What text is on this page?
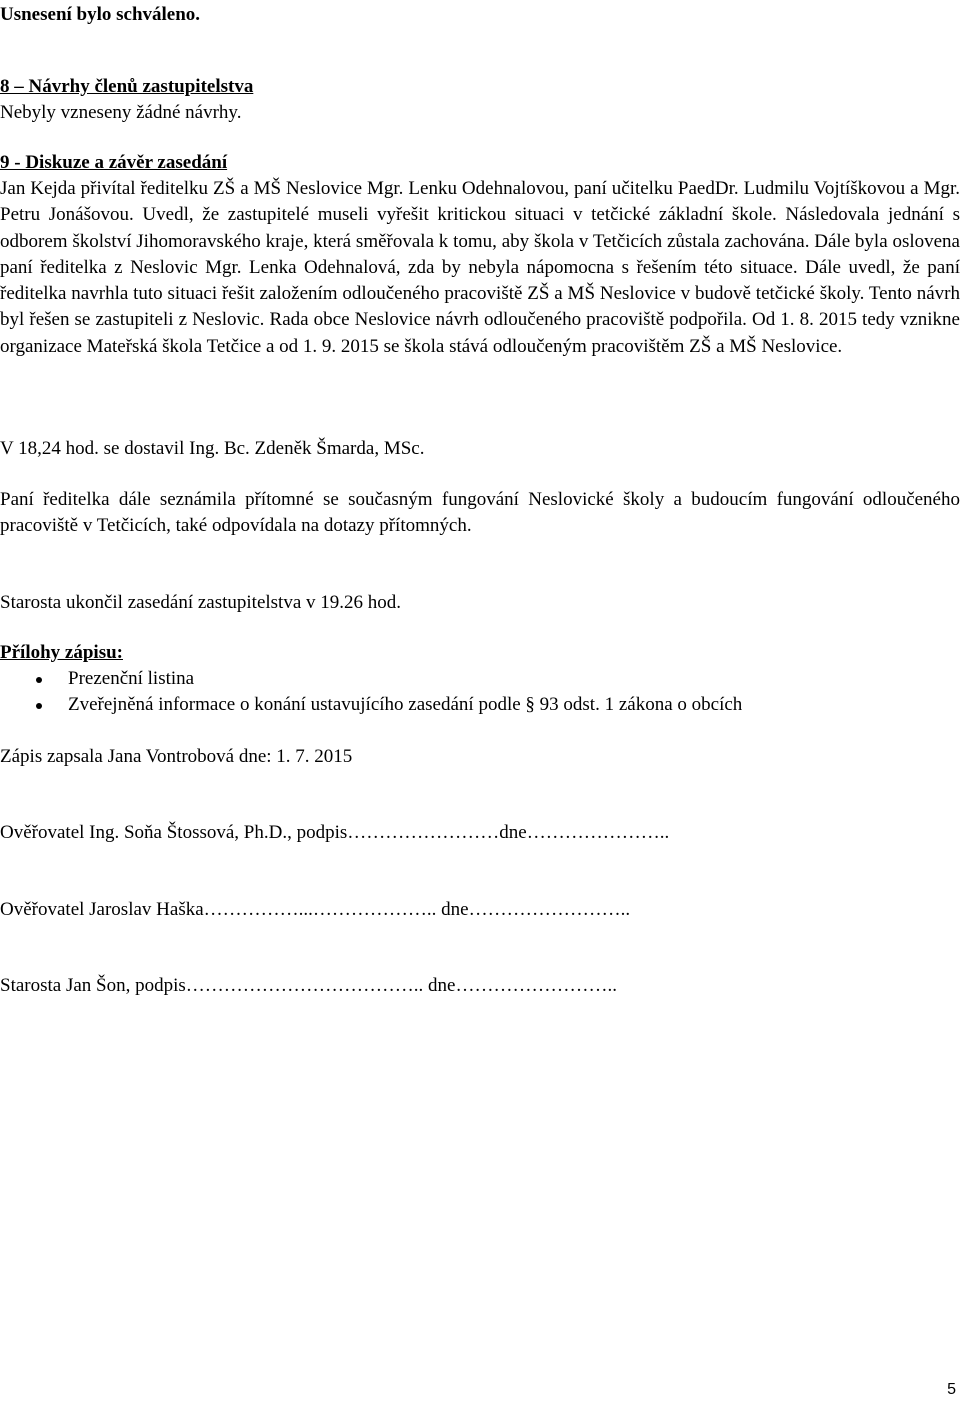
Usnesení bylo schváleno.
8 – Návrhy členů zastupitelstva
Nebyly vzneseny žádné návrhy.
9 - Diskuze a závěr zasedání
Jan Kejda přivítal ředitelku ZŠ a MŠ Neslovice Mgr. Lenku Odehnalovou, paní učitelku PaedDr. Ludmilu Vojtíškovou a Mgr. Petru Jonášovou. Uvedl, že zastupitelé museli vyřešit kritickou situaci v tetčické základní škole. Následovala jednání s odborem školství Jihomoravského kraje, která směřovala k tomu, aby škola v Tetčicích zůstala zachována. Dále byla oslovena paní ředitelka z Neslovic Mgr. Lenka Odehnalová, zda by nebyla nápomocna s řešením této situace. Dále uvedl, že paní ředitelka navrhla tuto situaci řešit založením odloučeného pracoviště ZŠ a MŠ Neslovice v budově tetčické školy. Tento návrh byl řešen se zastupiteli z Neslovic. Rada obce Neslovice návrh odloučeného pracoviště podpořila. Od 1. 8. 2015 tedy vznikne organizace Mateřská škola Tetčice a od 1. 9. 2015 se škola stává odloučeným pracovištěm ZŠ a MŠ Neslovice.
V 18,24 hod. se dostavil Ing. Bc. Zdeněk Šmarda, MSc.
Paní ředitelka dále seznámila přítomné se současným fungování Neslovické školy a budoucím fungování odloučeného pracoviště v Tetčicích, také odpovídala na dotazy přítomných.
Starosta ukončil zasedání zastupitelstva v 19.26 hod.
Přílohy zápisu:
Prezenční listina
Zveřejněná informace o konání ustavujícího zasedání podle § 93 odst. 1 zákona o obcích
Zápis zapsala Jana Vontrobová dne: 1. 7. 2015
Ověřovatel Ing. Soňa Štossová, Ph.D., podpis……………………dne…………………..
Ověřovatel Jaroslav Haška……………...……………….. dne……………………..
Starosta Jan Šon, podpis……………………………….. dne……………………..
5
